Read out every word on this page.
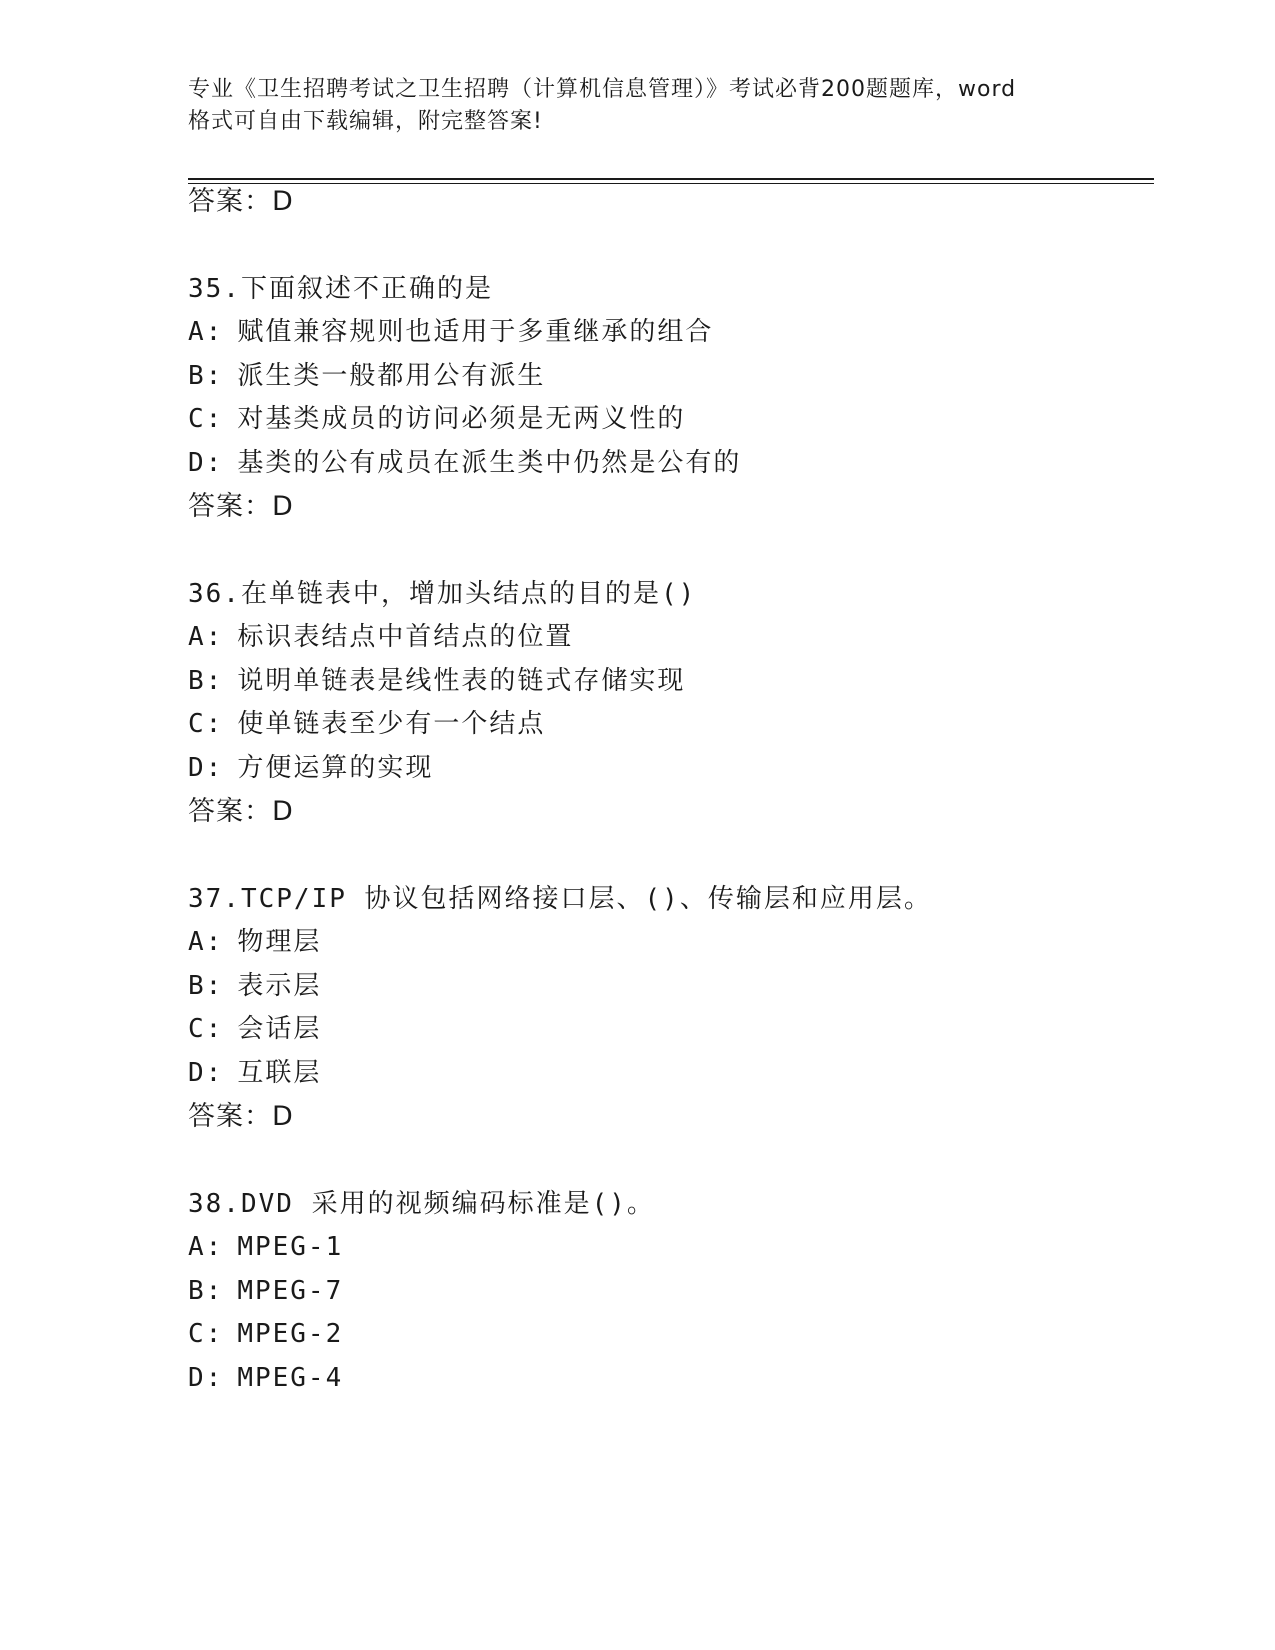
专业《卫生招聘考试之卫生招聘（计算机信息管理）》考试必背200题题库，word
格式可自由下载编辑，附完整答案!
答案：D
35.下面叙述不正确的是
A: 赋值兼容规则也适用于多重继承的组合
B: 派生类一般都用公有派生
C: 对基类成员的访问必须是无两义性的
D: 基类的公有成员在派生类中仍然是公有的
答案：D
36.在单链表中，增加头结点的目的是()
A: 标识表结点中首结点的位置
B: 说明单链表是线性表的链式存储实现
C: 使单链表至少有一个结点
D: 方便运算的实现
答案：D
37.TCP/IP 协议包括网络接口层、()、传输层和应用层。
A: 物理层
B: 表示层
C: 会话层
D: 互联层
答案：D
38.DVD 采用的视频编码标准是()。
A: MPEG-1
B: MPEG-7
C: MPEG-2
D: MPEG-4
